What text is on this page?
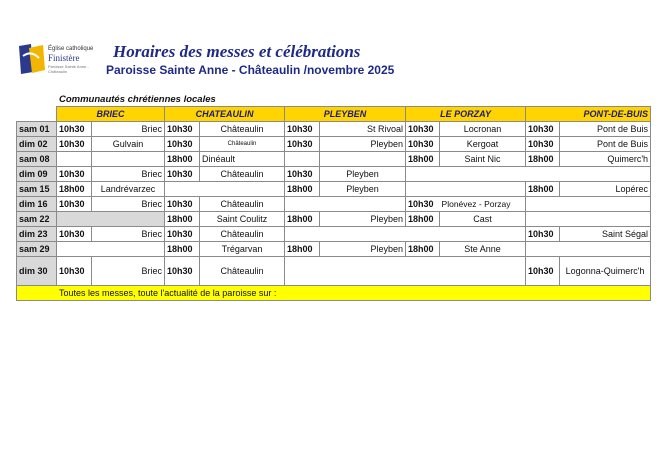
Église catholique
Finistère
Paroisse Sainte Anne - Châteaulin
Horaires des messes et célébrations
Paroisse Sainte Anne - Châteaulin /novembre 2025
Communautés chrétiennes locales
	BRIEC		CHATEAULIN		PLEYBEN		LE PORZAY		PONT-DE-BUIS	
sam 01	10h30	Briec	10h30	Châteaulin	10h30	St Rivoal	10h30	Locronan	10h30	Pont de Buis
dim 02	10h30	Gulvain	10h30	Châteaulin	10h30	Pleyben	10h30	Kergoat	10h30	Pont de Buis
sam 08			18h00	Dinéault			18h00	Saint Nic	18h00	Quimerc'h
dim 09	10h30	Briec	10h30	Châteaulin	10h30	Pleyben				
sam 15	18h00	Landrévarzec			18h00	Pleyben			18h00	Lopérec
dim 16	10h30	Briec	10h30	Châteaulin			10h30	Plonévez - Porzay		
sam 22			18h00	Saint Coulitz	18h00	Pleyben	18h00	Cast		
dim 23	10h30	Briec	10h30	Châteaulin					10h30	Saint Ségal
sam 29			18h00	Trégarvan	18h00	Pleyben	18h00	Ste Anne		
dim 30	10h30	Briec	10h30	Châteaulin					10h30	Logonna-Quimerc'h
Toutes les messes, toute l'actualité de la paroisse sur :										
